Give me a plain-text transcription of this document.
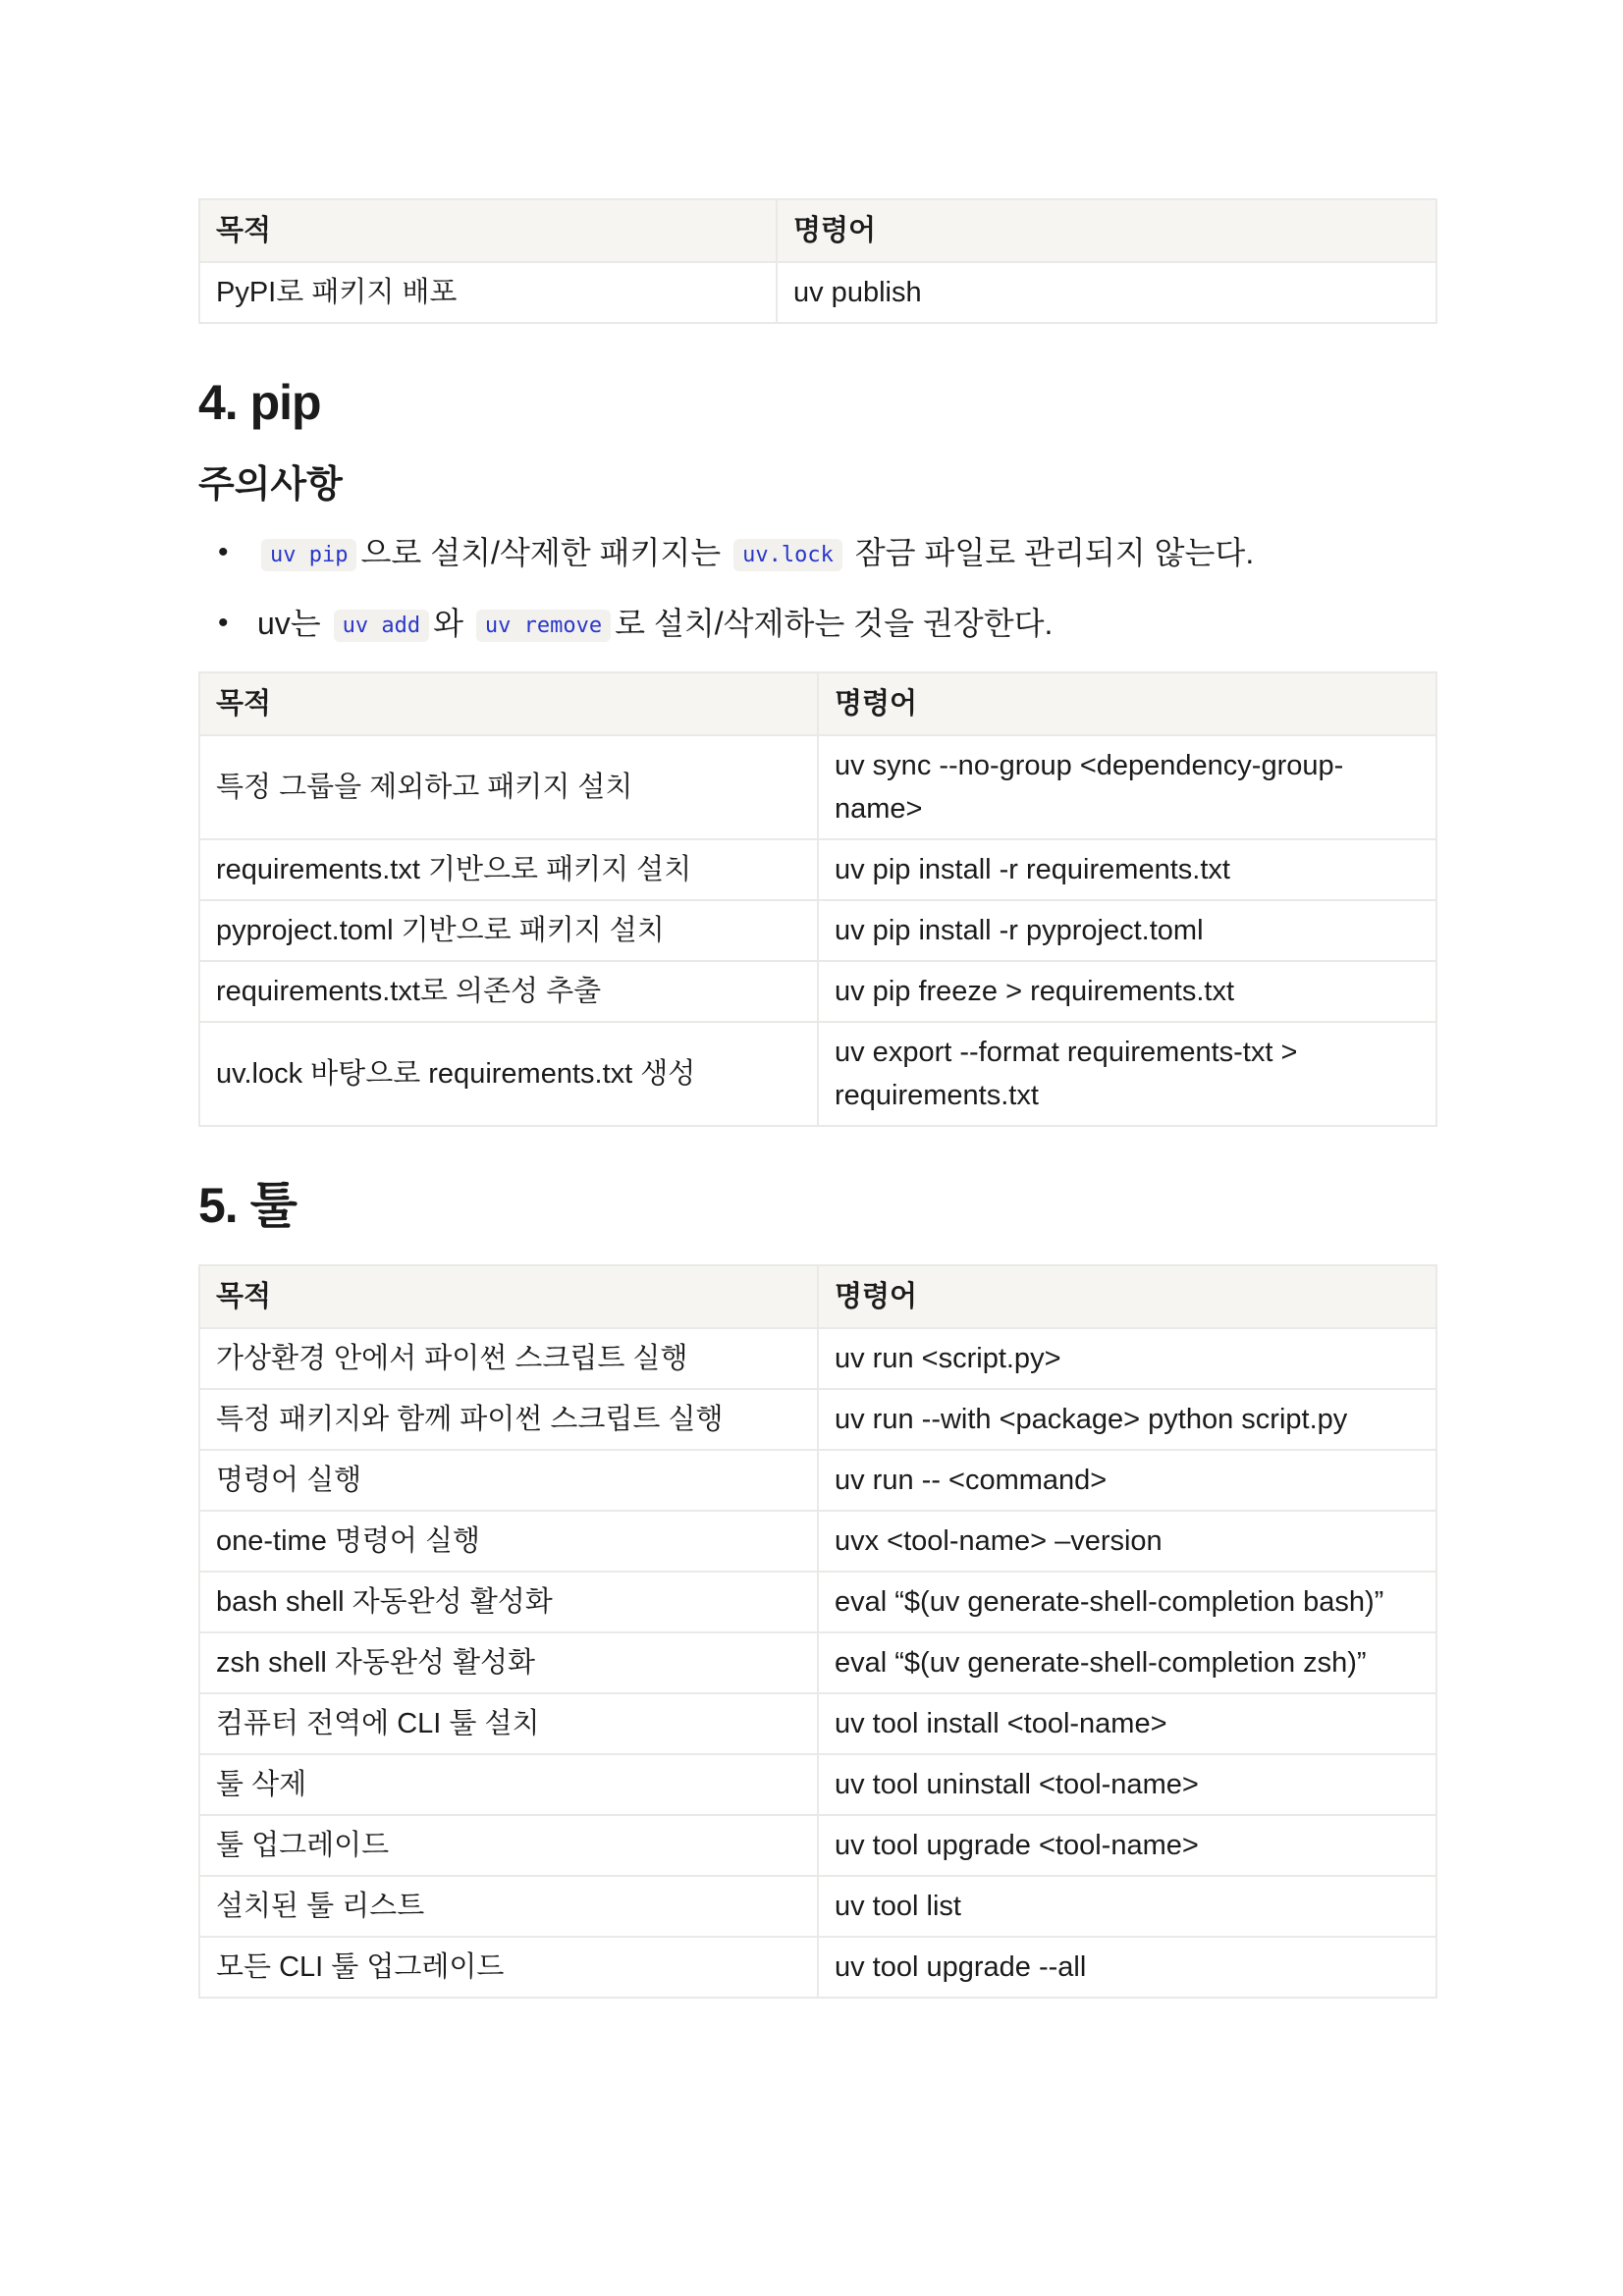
목적	명령어
PyPI로 패키지 배포	uv publish
4. pip
주의사항
• uv pip 으로 설치/삭제한 패키지는 uv.lock 잠금 파일로 관리되지 않는다.
• uv는 uv add 와 uv remove 로 설치/삭제하는 것을 권장한다.
목적	명령어
특정 그룹을 제외하고 패키지 설치	uv sync --no-group <dependency-group-name>
requirements.txt 기반으로 패키지 설치	uv pip install -r requirements.txt
pyproject.toml 기반으로 패키지 설치	uv pip install -r pyproject.toml
requirements.txt로 의존성 추출	uv pip freeze > requirements.txt
uv.lock 바탕으로 requirements.txt 생성	uv export --format requirements-txt > requirements.txt
5. 툴
목적	명령어
가상환경 안에서 파이썬 스크립트 실행	uv run <script.py>
특정 패키지와 함께 파이썬 스크립트 실행	uv run --with <package> python script.py
명령어 실행	uv run -- <command>
one-time 명령어 실행	uvx <tool-name> –version
bash shell 자동완성 활성화	eval “$(uv generate-shell-completion bash)”
zsh shell 자동완성 활성화	eval “$(uv generate-shell-completion zsh)”
컴퓨터 전역에 CLI 툴 설치	uv tool install <tool-name>
툴 삭제	uv tool uninstall <tool-name>
툴 업그레이드	uv tool upgrade <tool-name>
설치된 툴 리스트	uv tool list
모든 CLI 툴 업그레이드	uv tool upgrade --all
